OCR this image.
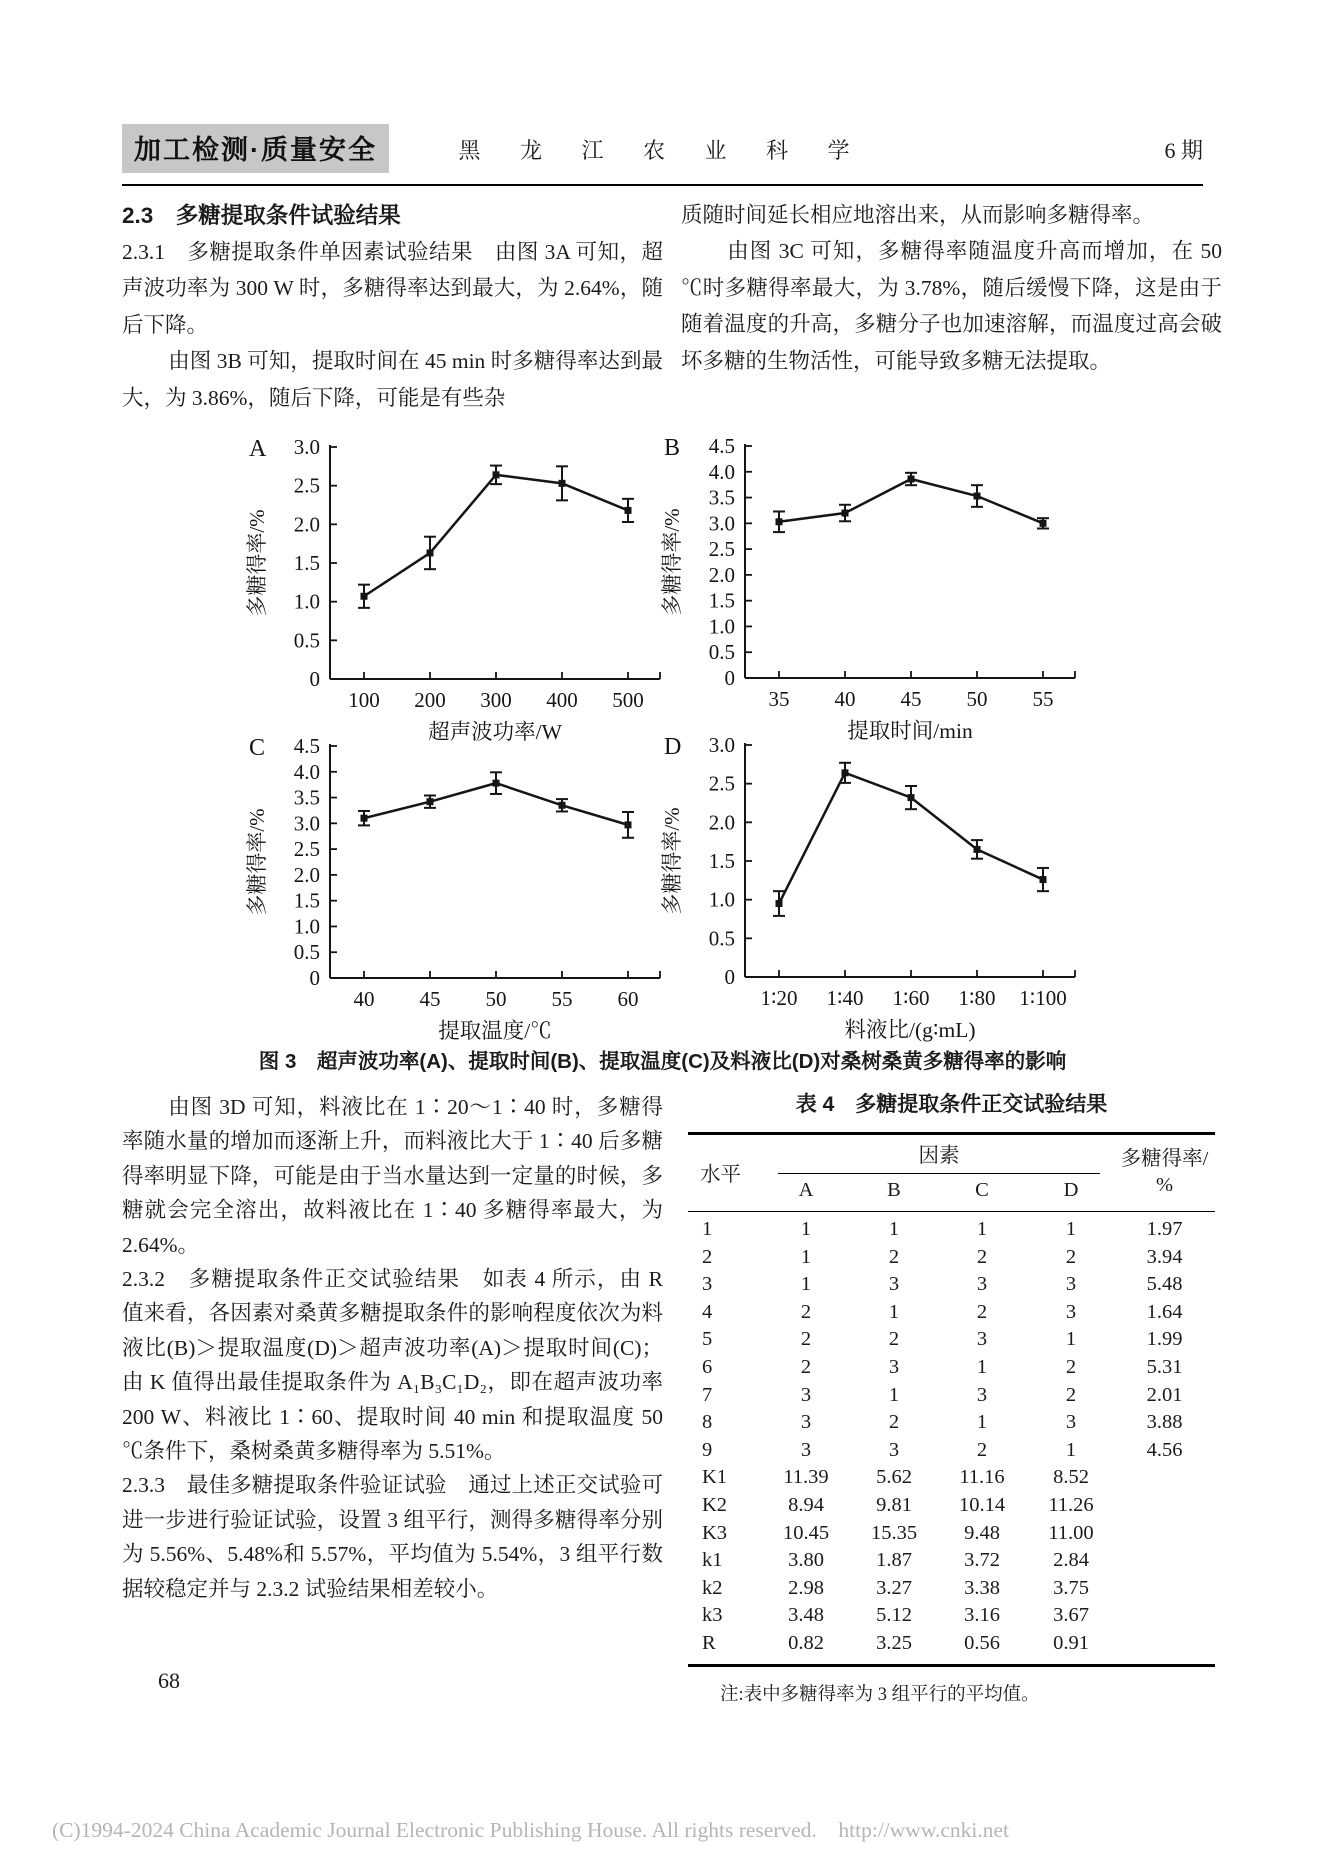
加工检测·质量安全	黑 龙 江 农 业 科 学	6 期

2.3　多糖提取条件试验结果

2.3.1　多糖提取条件单因素试验结果　由图 3A 可知，超声波功率为 300 W 时，多糖得率达到最大，为 2.64%，随后下降。

由图 3B 可知，提取时间在 45 min 时多糖得率达到最大，为 3.86%，随后下降，可能是有些杂

质随时间延长相应地溶出来，从而影响多糖得率。

由图 3C 可知，多糖得率随温度升高而增加，在 50 ℃时多糖得率最大，为 3.78%，随后缓慢下降，这是由于随着温度的升高，多糖分子也加速溶解，而温度过高会破坏多糖的生物活性，可能导致多糖无法提取。

0
0.5
1.0
1.5
2.0
2.5
3.0
100 200 300 400 500
A
多糖得率/%
超声波功率/W
0
0.5
1.0
1.5
2.0
2.5
3.0
3.5
4.0
4.5
35 40 45 50 55
B
多糖得率/%
提取时间/min
0
0.5
1.0
1.5
2.0
2.5
3.0
3.5
4.0
4.5
40 45 50 55 60
C
多糖得率/%
提取温度/℃
0
0.5
1.0
1.5
2.0
2.5
3.0
1∶20 1∶40 1∶60 1∶80 1∶100
D
多糖得率/%
料液比/(g∶mL)
图 3　超声波功率(A)、提取时间(B)、提取温度(C)及料液比(D)对桑树桑黄多糖得率的影响

由图 3D 可知，料液比在 1∶20～1∶40 时，多糖得率随水量的增加而逐渐上升，而料液比大于 1∶40 后多糖得率明显下降，可能是由于当水量达到一定量的时候，多糖就会完全溶出，故料液比在 1∶40 多糖得率最大，为 2.64%。

2.3.2　多糖提取条件正交试验结果　如表 4 所示，由 R 值来看，各因素对桑黄多糖提取条件的影响程度依次为料液比(B)＞提取温度(D)＞超声波功率(A)＞提取时间(C)；由 K 值得出最佳提取条件为 A₁B₃C₁D₂，即在超声波功率 200 W、料液比 1∶60、提取时间 40 min 和提取温度 50 ℃条件下，桑树桑黄多糖得率为 5.51%。

2.3.3　最佳多糖提取条件验证试验　通过上述正交试验可进一步进行验证试验，设置 3 组平行，测得多糖得率分别为 5.56%、5.48%和 5.57%，平均值为 5.54%，3 组平行数据较稳定并与 2.3.2 试验结果相差较小。

表 4　多糖提取条件正交试验结果
水平
因素	多糖得率/
%
A	B	C	D
1	1	1	1	1	1.97
2	1	2	2	2	3.94
3	1	3	3	3	5.48
4	2	1	2	3	1.64
5	2	2	3	1	1.99
6	2	3	1	2	5.31
7	3	1	3	2	2.01
8	3	2	1	3	3.88
9	3	3	2	1	4.56
K1	11.39	5.62	11.16	8.52
K2	8.94	9.81	10.14	11.26
K3	10.45	15.35	9.48	11.00
k1	3.80	1.87	3.72	2.84
k2	2.98	3.27	3.38	3.75
k3	3.48	5.12	3.16	3.67
R	0.82	3.25	0.56	0.91
注:表中多糖得率为 3 组平行的平均值。
68
(C)1994-2024 China Academic Journal Electronic Publishing House. All rights reserved.    http://www.cnki.net
